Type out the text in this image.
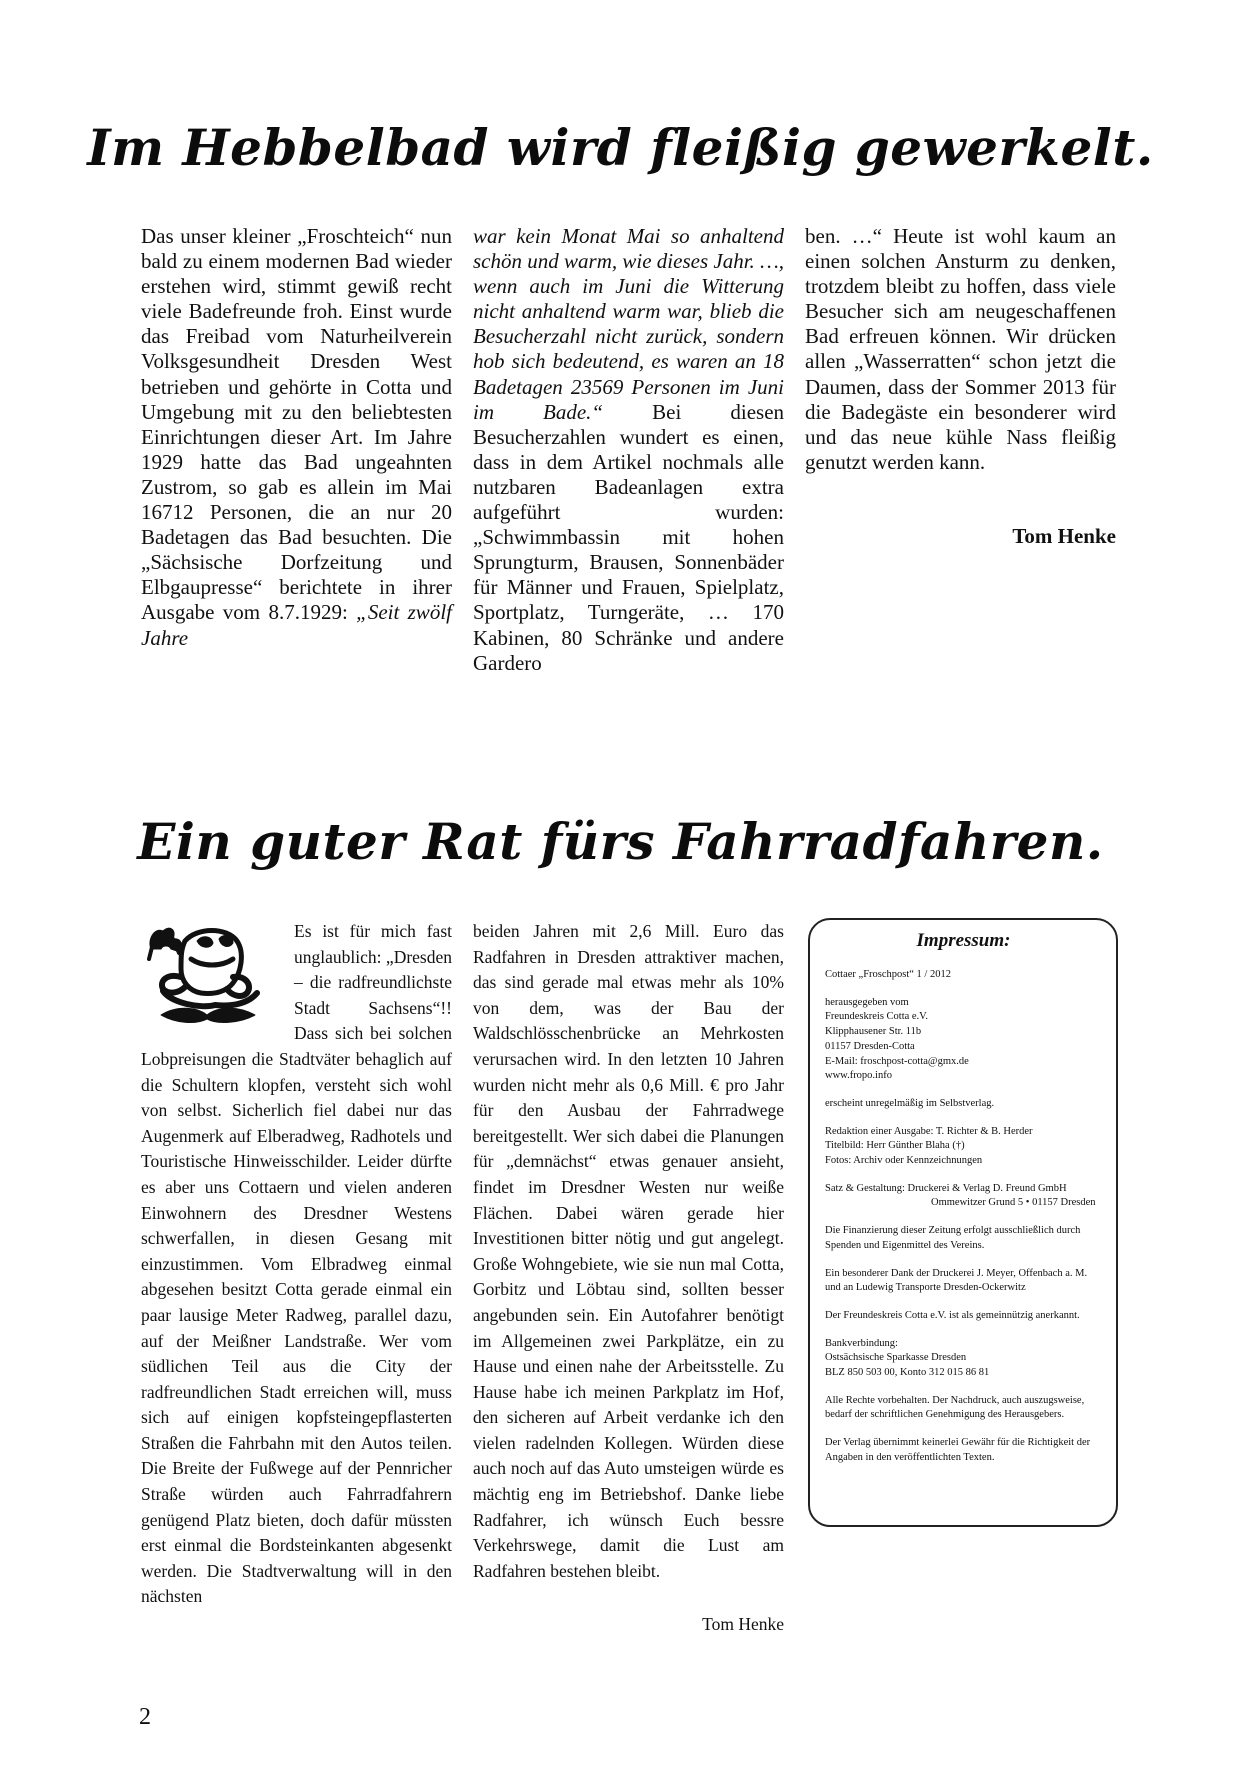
Im Hebbelbad wird fleißig gewerkelt.
Das unser kleiner „Froschteich“ nun bald zu einem modernen Bad wieder erstehen wird, stimmt gewiß recht viele Badefreunde froh. Einst wurde das Freibad vom Naturheilverein Volksgesundheit Dresden West betrieben und gehörte in Cotta und Umgebung mit zu den beliebtesten Einrichtungen dieser Art. Im Jahre 1929 hatte das Bad ungeahnten Zustrom, so gab es allein im Mai 16712 Personen, die an nur 20 Badetagen das Bad besuchten. Die „Sächsische Dorfzeitung und Elbgaupresse“ berichtete in ihrer Ausgabe vom 8.7.1929: „Seit zwölf Jahre
war kein Monat Mai so anhaltend schön und warm, wie dieses Jahr. …, wenn auch im Juni die Witterung nicht anhaltend warm war, blieb die Besucherzahl nicht zurück, sondern hob sich bedeutend, es waren an 18 Badetagen 23569 Personen im Juni im Bade.“ Bei diesen Besucherzahlen wundert es einen, dass in dem Artikel nochmals alle nutzbaren Badeanlagen extra aufgeführt wurden: „Schwimmbassin mit hohen Sprungturm, Brausen, Sonnenbäder für Männer und Frauen, Spielplatz, Sportplatz, Turngeräte, … 170 Kabinen, 80 Schränke und andere Gardero
ben. …“ Heute ist wohl kaum an einen solchen Ansturm zu denken, trotzdem bleibt zu hoffen, dass viele Besucher sich am neugeschaffenen Bad erfreuen können. Wir drücken allen „Wasserratten“ schon jetzt die Daumen, dass der Sommer 2013 für die Badegäste ein besonderer wird und das neue kühle Nass fleißig genutzt werden kann.
Tom Henke
Ein guter Rat fürs Fahrradfahren.
Es ist für mich fast unglaublich: „Dresden – die radfreundlichste Stadt Sachsens“!! Dass sich bei solchen Lobpreisungen die Stadtväter behaglich auf die Schultern klopfen, versteht sich wohl von selbst. Sicherlich fiel dabei nur das Augenmerk auf Elberadweg, Radhotels und Touristische Hinweisschilder. Leider dürfte es aber uns Cottaern und vielen anderen Einwohnern des Dresdner Westens schwerfallen, in diesen Gesang mit einzustimmen. Vom Elbradweg einmal abgesehen besitzt Cotta gerade einmal ein paar lausige Meter Radweg, parallel dazu, auf der Meißner Landstraße. Wer vom südlichen Teil aus die City der radfreundlichen Stadt erreichen will, muss sich auf einigen kopfsteingepflasterten Straßen die Fahrbahn mit den Autos teilen. Die Breite der Fußwege auf der Pennricher Straße würden auch Fahrradfahrern genügend Platz bieten, doch dafür müssten erst einmal die Bordsteinkanten abgesenkt werden. Die Stadtverwaltung will in den nächsten
beiden Jahren mit 2,6 Mill. Euro das Radfahren in Dresden attraktiver machen, das sind gerade mal etwas mehr als 10% von dem, was der Bau der Waldschlösschenbrücke an Mehrkosten verursachen wird. In den letzten 10 Jahren wurden nicht mehr als 0,6 Mill. € pro Jahr für den Ausbau der Fahrradwege bereitgestellt. Wer sich dabei die Planungen für „demnächst“ etwas genauer ansieht, findet im Dresdner Westen nur weiße Flächen. Dabei wären gerade hier Investitionen bitter nötig und gut angelegt. Große Wohngebiete, wie sie nun mal Cotta, Gorbitz und Löbtau sind, sollten besser angebunden sein. Ein Autofahrer benötigt im Allgemeinen zwei Parkplätze, ein zu Hause und einen nahe der Arbeitsstelle. Zu Hause habe ich meinen Parkplatz im Hof, den sicheren auf Arbeit verdanke ich den vielen radelnden Kollegen. Würden diese auch noch auf das Auto umsteigen würde es mächtig eng im Betriebshof. Danke liebe Radfahrer, ich wünsch Euch bessre Verkehrswege, damit die Lust am Radfahren bestehen bleibt.
Tom Henke
Impressum:

Cottaer „Froschpost“ 1 / 2012

herausgegeben vom
Freundeskreis Cotta e.V.
Klipphausener Str. 11b
01157 Dresden-Cotta
E-Mail: froschpost-cotta@gmx.de
www.fropo.info

erscheint unregelmäßig im Selbstverlag.

Redaktion einer Ausgabe: T. Richter & B. Herder
Titelbild: Herr Günther Blaha (†)
Fotos: Archiv oder Kennzeichnungen

Satz & Gestaltung: Druckerei & Verlag D. Freund GmbH

Ommewitzer Grund 5 • 01157 Dresden

Die Finanzierung dieser Zeitung erfolgt ausschließlich durch Spenden und Eigenmittel des Vereins.

Ein besonderer Dank der Druckerei J. Meyer, Offenbach a. M. und an Ludewig Transporte Dresden-Ockerwitz

Der Freundeskreis Cotta e.V. ist als gemeinnützig anerkannt.

Bankverbindung:
Ostsächsische Sparkasse Dresden
BLZ 850 503 00, Konto 312 015 86 81

Alle Rechte vorbehalten. Der Nachdruck, auch auszugsweise, bedarf der schriftlichen Genehmigung des Herausgebers.

Der Verlag übernimmt keinerlei Gewähr für die Richtigkeit der Angaben in den veröffentlichten Texten.

2
